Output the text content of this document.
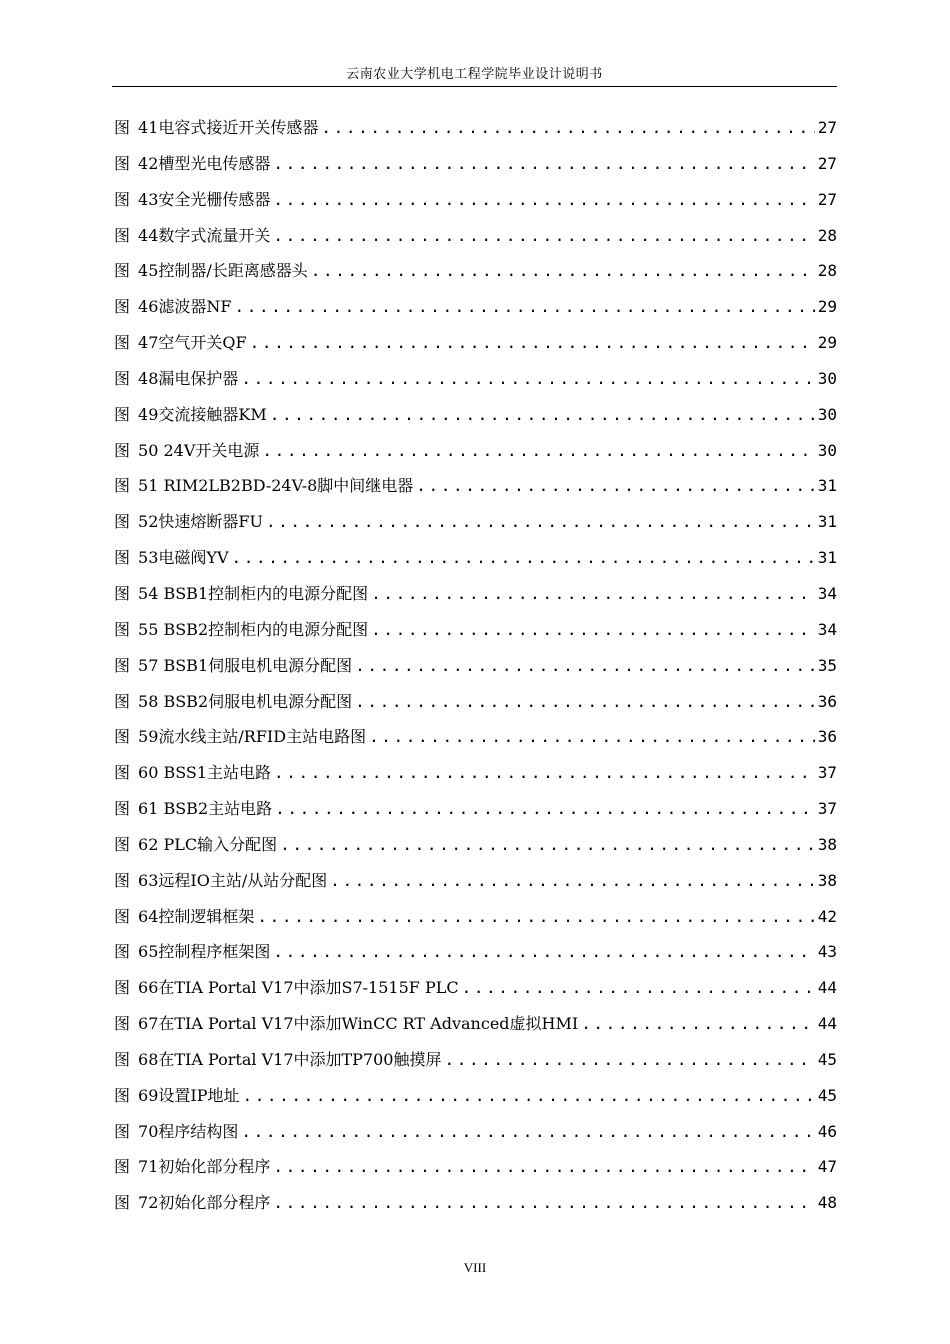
云南农业大学机电工程学院毕业设计说明书
图 41电容式接近开关传感器 .....	27
图 42槽型光电传感器 .....	27
图 43安全光栅传感器 .....	27
图 44数字式流量开关 .....	28
图 45控制器/长距离感器头 .....	28
图 46滤波器NF .....	29
图 47空气开关QF .....	29
图 48漏电保护器 .....	30
图 49交流接触器KM .....	30
图 50 24V开关电源 .....	30
图 51 RIM2LB2BD-24V-8脚中间继电器 .....	31
图 52快速熔断器FU .....	31
图 53电磁阀YV .....	31
图 54 BSB1控制柜内的电源分配图 .....	34
图 55 BSB2控制柜内的电源分配图 .....	34
图 57 BSB1伺服电机电源分配图 .....	35
图 58 BSB2伺服电机电源分配图 .....	36
图 59流水线主站/RFID主站电路图 .....	36
图 60 BSS1主站电路 .....	37
图 61 BSB2主站电路 .....	37
图 62 PLC输入分配图 .....	38
图 63远程IO主站/从站分配图 .....	38
图 64控制逻辑框架 .....	42
图 65控制程序框架图 .....	43
图 66在TIA Portal V17中添加S7-1515F PLC .....	44
图 67在TIA Portal V17中添加WinCC RT Advanced虚拟HMI .....	44
图 68在TIA Portal V17中添加TP700触摸屏 .....	45
图 69设置IP地址 .....	45
图 70程序结构图 .....	46
图 71初始化部分程序 .....	47
图 72初始化部分程序 .....	48
VIII
